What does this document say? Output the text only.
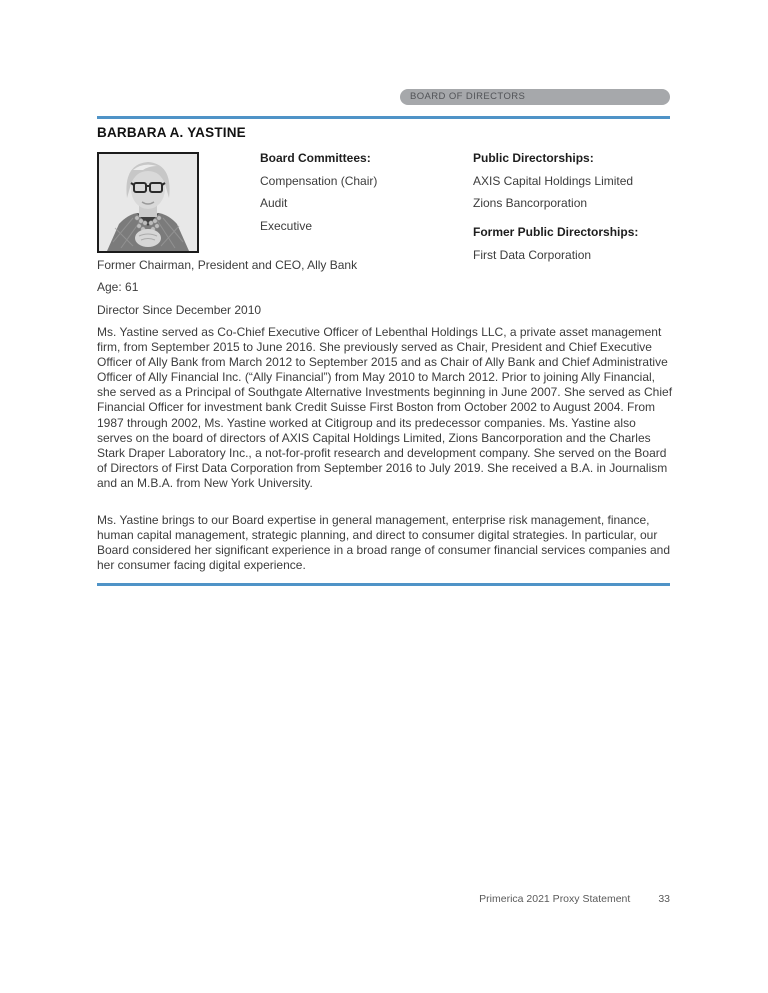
BOARD OF DIRECTORS
BARBARA A. YASTINE
Board Committees:
Compensation (Chair)
Audit
Executive
Public Directorships:
AXIS Capital Holdings Limited
Zions Bancorporation
Former Public Directorships:
First Data Corporation
Former Chairman, President and CEO, Ally Bank
Age: 61
Director Since December 2010

Ms. Yastine served as Co-Chief Executive Officer of Lebenthal Holdings LLC, a private asset management firm, from September 2015 to June 2016. She previously served as Chair, President and Chief Executive Officer of Ally Bank from March 2012 to September 2015 and as Chair of Ally Bank and Chief Administrative Officer of Ally Financial Inc. (“Ally Financial”) from May 2010 to March 2012. Prior to joining Ally Financial, she served as a Principal of Southgate Alternative Investments beginning in June 2007. She served as Chief Financial Officer for investment bank Credit Suisse First Boston from October 2002 to August 2004. From 1987 through 2002, Ms. Yastine worked at Citigroup and its predecessor companies. Ms. Yastine also serves on the board of directors of AXIS Capital Holdings Limited, Zions Bancorporation and the Charles Stark Draper Laboratory Inc., a not-for-profit research and development company. She served on the Board of Directors of First Data Corporation from September 2016 to July 2019. She received a B.A. in Journalism and an M.B.A. from New York University.

Ms. Yastine brings to our Board expertise in general management, enterprise risk management, finance, human capital management, strategic planning, and direct to consumer digital strategies. In particular, our Board considered her significant experience in a broad range of consumer financial services companies and her consumer facing digital experience.

Primerica 2021 Proxy Statement	33
